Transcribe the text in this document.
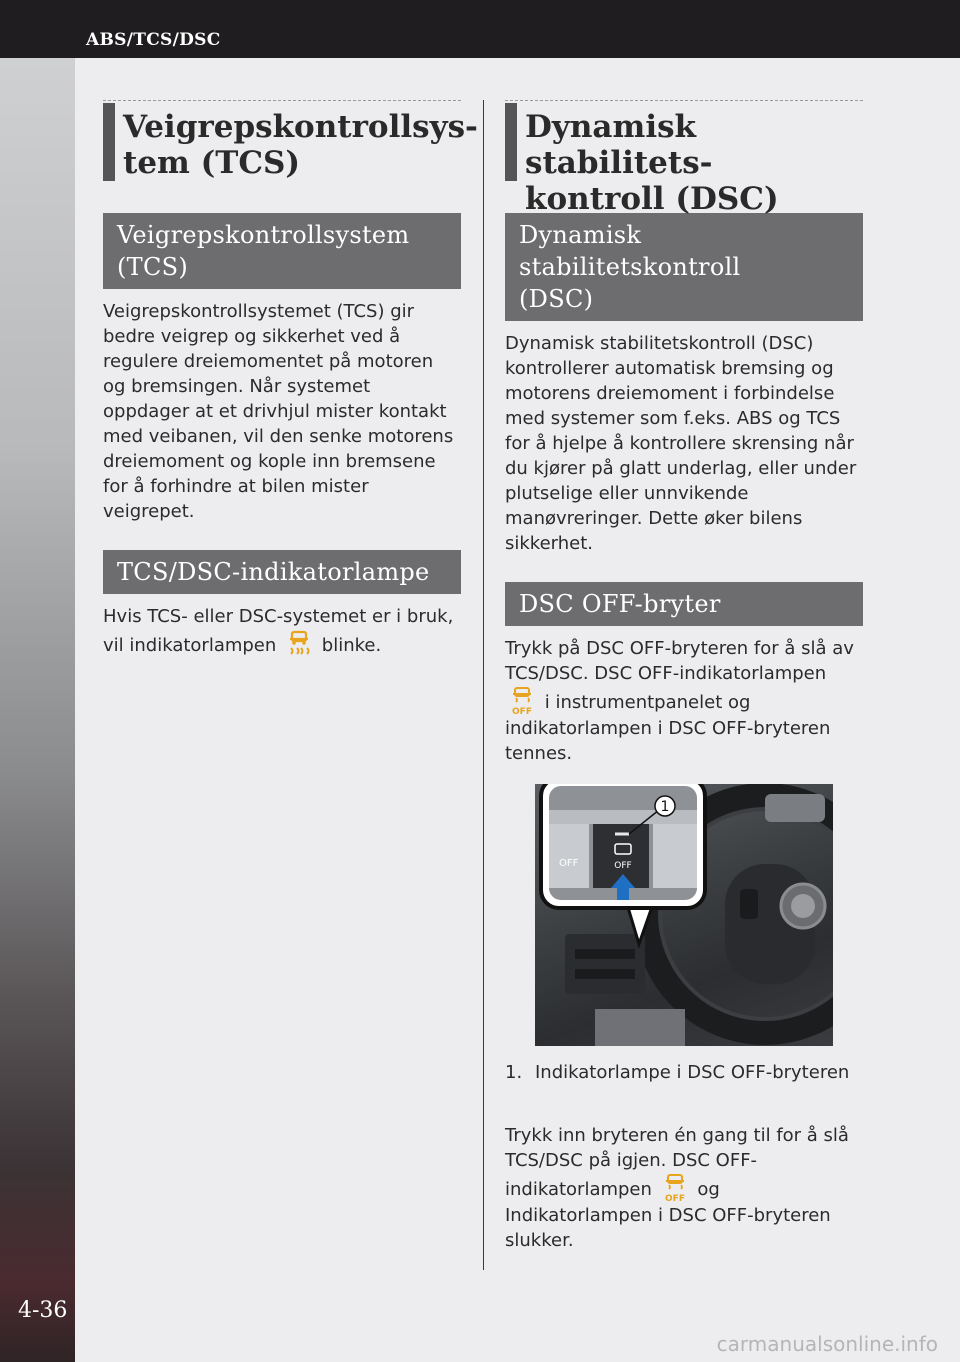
ABS/TCS/DSC
4-36
Veigrepskontrollsys-
tem (TCS)
Veigrepskontrollsystem
(TCS)

Veigrepskontrollsystemet (TCS) gir bedre veigrep og sikkerhet ved å regulere dreiemomentet på motoren og bremsingen. Når systemet oppdager at et drivhjul mister kontakt med veibanen, vil den senke motorens dreiemoment og kople inn bremsene for å forhindre at bilen mister veigrepet.

TCS/DSC-indikatorlampe

Hvis TCS- eller DSC-systemet er i bruk, vil indikatorlampen	blinke.

Dynamisk stabilitets-
kontroll (DSC)
Dynamisk stabilitetskontroll
(DSC)

Dynamisk stabilitetskontroll (DSC) kontrollerer automatisk bremsing og motorens dreiemoment i forbindelse med systemer som f.eks. ABS og TCS for å hjelpe å kontrollere skrensing når du kjører på glatt underlag, eller under plutselige eller unnvikende manøvreringer. Dette øker bilens sikkerhet.

DSC OFF-bryter

Trykk på DSC OFF-bryteren for å slå av TCS/DSC. DSC OFF-indikatorlampen
OFF i instrumentpanelet og indikatorlampen i DSC OFF-bryteren tennes.

OFF	OFF
1
1. Indikatorlampe i DSC OFF-bryteren

Trykk inn bryteren én gang til for å slå TCS/DSC på igjen. DSC OFF-indikatorlampen OFF og Indikatorlampen i DSC OFF-bryteren slukker.

carmanualsonline.info
